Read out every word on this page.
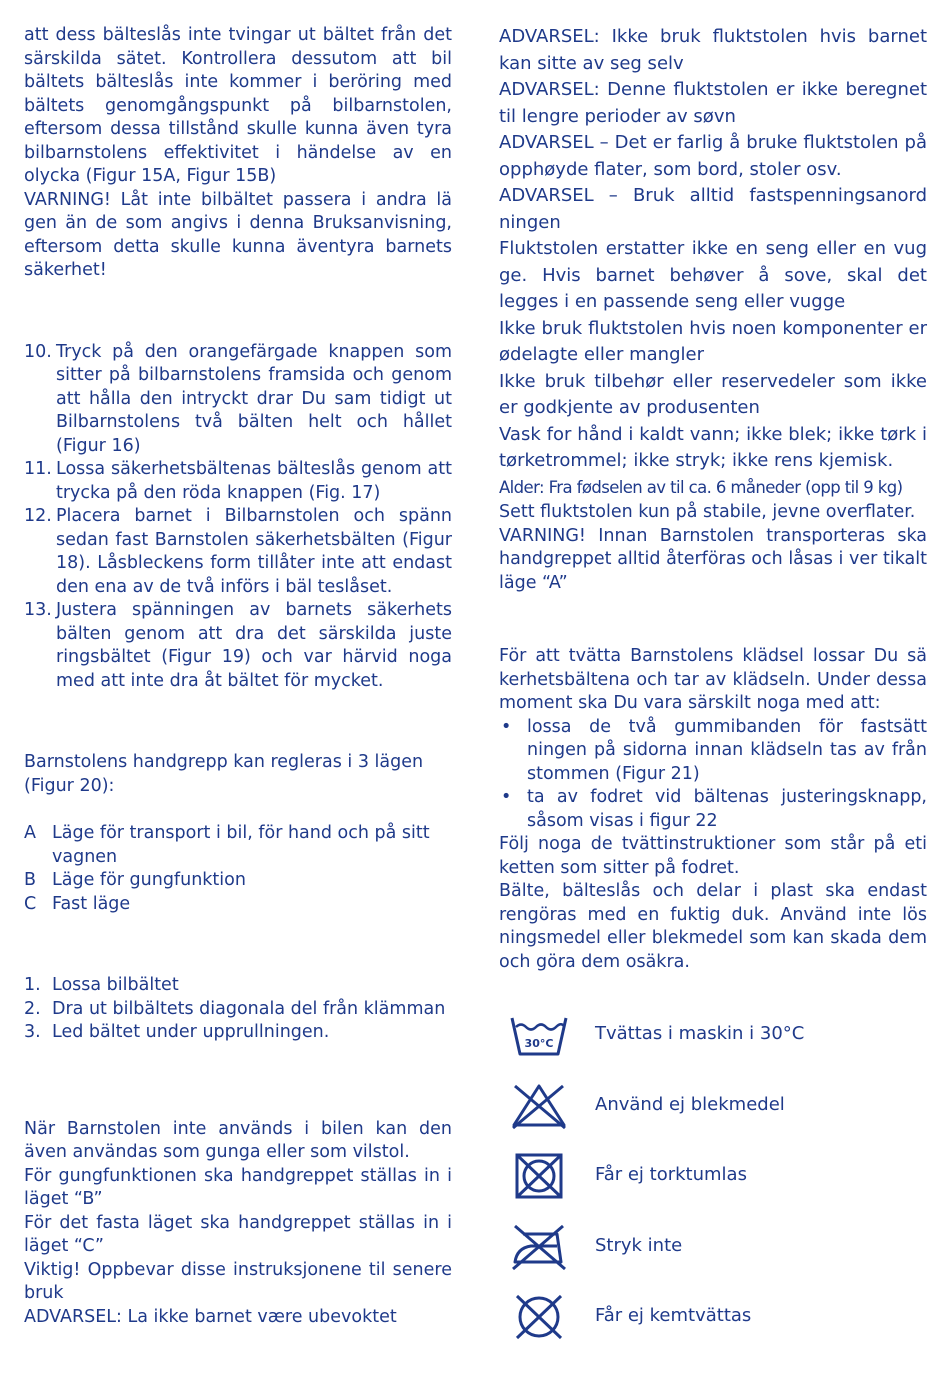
att dess bälteslås inte tvingar ut bältet från det särskilda sätet. Kontrollera dessutom att bil bältets bälteslås inte kommer i beröring med bältets genomgångspunkt på bilbarnstolen, eftersom dessa tillstånd skulle kunna även tyra bilbarnstolens effektivitet i händelse av en olycka (Figur 15A, Figur 15B)

VARNING! Låt inte bilbältet passera i andra lä gen än de som angivs i denna Bruksanvisning, eftersom detta skulle kunna äventyra barnets säkerhet!

10. Tryck på den orangefärgade knappen som sitter på bilbarnstolens framsida och genom att hålla den intryckt drar Du sam tidigt ut Bilbarnstolens två bälten helt och hållet (Figur 16)
11. Lossa säkerhetsbältenas bälteslås genom att trycka på den röda knappen (Fig. 17)
12. Placera barnet i Bilbarnstolen och spänn sedan fast Barnstolen säkerhetsbälten (Figur 18). Låsbleckens form tillåter inte att endast den ena av de två införs i bäl teslåset.
13. Justera spänningen av barnets säkerhets bälten genom att dra det särskilda juste ringsbältet (Figur 19) och var härvid noga med att inte dra åt bältet för mycket.

Barnstolens handgrepp kan regleras i 3 lägen (Figur 20):

A Läge för transport i bil, för hand och på sitt vagnen
B Läge för gungfunktion
C Fast läge
1. Lossa bilbältet
2. Dra ut bilbältets diagonala del från klämman
3. Led bältet under upprullningen.

När Barnstolen inte används i bilen kan den även användas som gunga eller som vilstol.

För gungfunktionen ska handgreppet ställas in i läget “B”

För det fasta läget ska handgreppet ställas in i läget “C”

Viktig! Oppbevar disse instruksjonene til senere bruk

ADVARSEL: La ikke barnet være ubevoktet

ADVARSEL: Ikke bruk fluktstolen hvis barnet kan sitte av seg selv

ADVARSEL: Denne fluktstolen er ikke beregnet til lengre perioder av søvn

ADVARSEL – Det er farlig å bruke fluktstolen på opphøyde flater, som bord, stoler osv.

ADVARSEL – Bruk alltid fastspenningsanord ningen

Fluktstolen erstatter ikke en seng eller en vug ge. Hvis barnet behøver å sove, skal det legges i en passende seng eller vugge

Ikke bruk fluktstolen hvis noen komponenter er ødelagte eller mangler

Ikke bruk tilbehør eller reservedeler som ikke er godkjente av produsenten

Vask for hånd i kaldt vann; ikke blek; ikke tørk i tørketrommel; ikke stryk; ikke rens kjemisk.

Alder: Fra fødselen av til ca. 6 måneder (opp til 9 kg)

Sett fluktstolen kun på stabile, jevne overflater.

VARNING! Innan Barnstolen transporteras ska handgreppet alltid återföras och låsas i ver tikalt läge “A”

För att tvätta Barnstolens klädsel lossar Du sä kerhetsbältena och tar av klädseln. Under dessa moment ska Du vara särskilt noga med att:

• lossa de två gummibanden för fastsätt ningen på sidorna innan klädseln tas av från stommen (Figur 21)
• ta av fodret vid bältenas justeringsknapp, såsom visas i figur 22

Följ noga de tvättinstruktioner som står på eti ketten som sitter på fodret.

Bälte, bälteslås och delar i plast ska endast rengöras med en fuktig duk. Använd inte lös ningsmedel eller blekmedel som kan skada dem och göra dem osäkra.

30°C Tvättas i maskin i 30°C
Använd ej blekmedel
Får ej torktumlas
Stryk inte
Får ej kemtvättas
